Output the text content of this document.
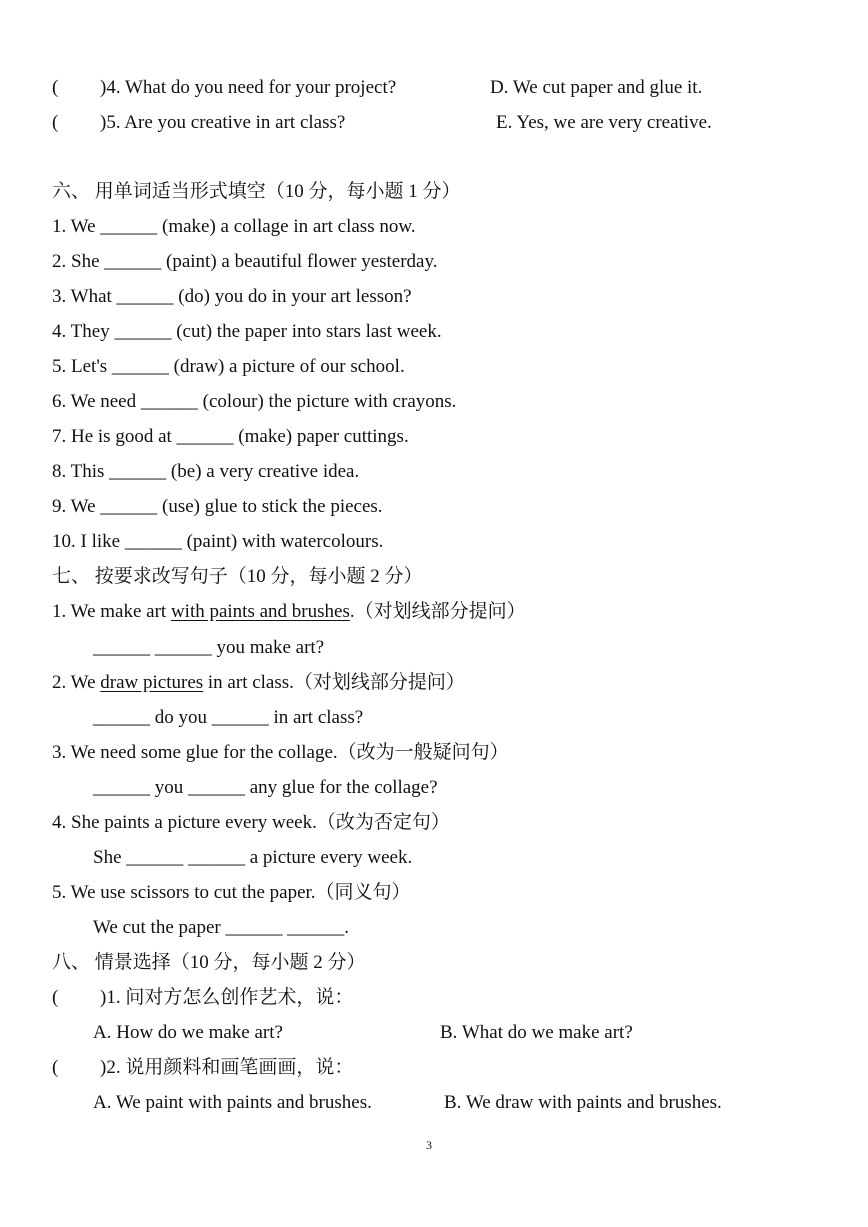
( )4. What do you need for your project?	D. We cut paper and glue it.
( )5. Are you creative in art class?	E. Yes, we are very creative.
六、 用单词适当形式填空（10 分，每小题 1 分）
1. We ______ (make) a collage in art class now.
2. She ______ (paint) a beautiful flower yesterday.
3. What ______ (do) you do in your art lesson?
4. They ______ (cut) the paper into stars last week.
5. Let's ______ (draw) a picture of our school.
6. We need ______ (colour) the picture with crayons.
7. He is good at ______ (make) paper cuttings.
8. This ______ (be) a very creative idea.
9. We ______ (use) glue to stick the pieces.
10. I like ______ (paint) with watercolours.
七、 按要求改写句子（10 分，每小题 2 分）
1. We make art with paints and brushes.（对划线部分提问）
______ ______ you make art?
2. We draw pictures in art class.（对划线部分提问）
______ do you ______ in art class?
3. We need some glue for the collage.（改为一般疑问句）
______ you ______ any glue for the collage?
4. She paints a picture every week.（改为否定句）
She ______ ______ a picture every week.
5. We use scissors to cut the paper.（同义句）
We cut the paper ______ ______.
八、 情景选择（10 分，每小题 2 分）
( )1. 问对方怎么创作艺术，说：
A. How do we make art?	B. What do we make art?
( )2. 说用颜料和画笔画画，说：
A. We paint with paints and brushes.	B. We draw with paints and brushes.
3
